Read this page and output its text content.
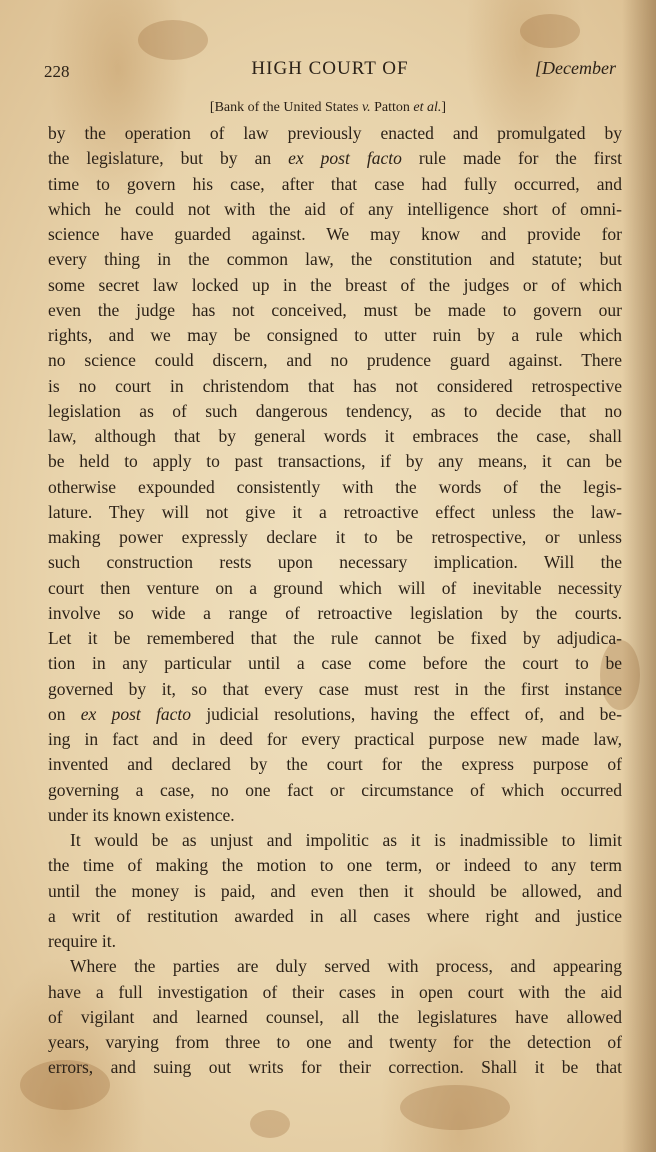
228	HIGH COURT OF	[December
[Bank of the United States v. Patton et al.]
by the operation of law previously enacted and promulgated by
the legislature, but by an ex post facto rule made for the first
time to govern his case, after that case had fully occurred, and
which he could not with the aid of any intelligence short of omni-
science have guarded against. We may know and provide for
every thing in the common law, the constitution and statute; but
some secret law locked up in the breast of the judges or of which
even the judge has not conceived, must be made to govern our
rights, and we may be consigned to utter ruin by a rule which
no science could discern, and no prudence guard against. There
is no court in christendom that has not considered retrospective
legislation as of such dangerous tendency, as to decide that no
law, although that by general words it embraces the case, shall
be held to apply to past transactions, if by any means, it can be
otherwise expounded consistently with the words of the legis-
lature. They will not give it a retroactive effect unless the law-
making power expressly declare it to be retrospective, or unless
such construction rests upon necessary implication. Will the
court then venture on a ground which will of inevitable necessity
involve so wide a range of retroactive legislation by the courts.
Let it be remembered that the rule cannot be fixed by adjudica-
tion in any particular until a case come before the court to be
governed by it, so that every case must rest in the first instance
on ex post facto judicial resolutions, having the effect of, and be-
ing in fact and in deed for every practical purpose new made law,
invented and declared by the court for the express purpose of
governing a case, no one fact or circumstance of which occurred
under its known existence.
It would be as unjust and impolitic as it is inadmissible to limit
the time of making the motion to one term, or indeed to any term
until the money is paid, and even then it should be allowed, and
a writ of restitution awarded in all cases where right and justice
require it.
Where the parties are duly served with process, and appearing
have a full investigation of their cases in open court with the aid
of vigilant and learned counsel, all the legislatures have allowed
years, varying from three to one and twenty for the detection of
errors, and suing out writs for their correction. Shall it be that
